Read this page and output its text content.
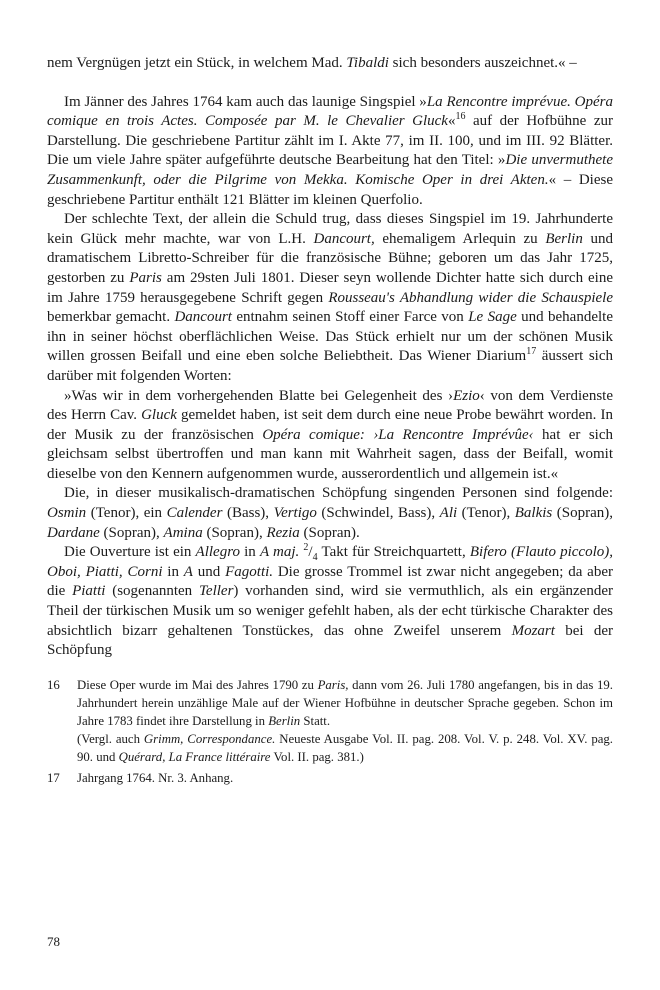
nem Vergnügen jetzt ein Stück, in welchem Mad. Tibaldi sich besonders auszeichnet.« –

Im Jänner des Jahres 1764 kam auch das launige Singspiel »La Rencontre imprévue. Opéra comique en trois Actes. Composée par M. le Chevalier Gluck«$^{16}$ auf der Hofbühne zur Darstellung. Die geschriebene Partitur zählt im I. Akte 77, im II. 100, und im III. 92 Blätter. Die um viele Jahre später aufgeführte deutsche Bearbeitung hat den Titel: »Die unvermuthete Zusammenkunft, oder die Pilgrime von Mekka. Komische Oper in drei Akten.« – Diese geschriebene Partitur enthält 121 Blätter im kleinen Querfolio.

Der schlechte Text, der allein die Schuld trug, dass dieses Singspiel im 19. Jahrhunderte kein Glück mehr machte, war von L.H. Dancourt, ehemaligem Arlequin zu Berlin und dramatischem Libretto-Schreiber für die französische Bühne; geboren um das Jahr 1725, gestorben zu Paris am 29sten Juli 1801. Dieser seyn wollende Dichter hatte sich durch eine im Jahre 1759 herausgegebene Schrift gegen Rousseau's Abhandlung wider die Schauspiele bemerkbar gemacht. Dancourt entnahm seinen Stoff einer Farce von Le Sage und behandelte ihn in seiner höchst oberflächlichen Weise. Das Stück erhielt nur um der schönen Musik willen grossen Beifall und eine eben solche Beliebtheit. Das Wiener Diarium$^{17}$ äussert sich darüber mit folgenden Worten:

»Was wir in dem vorhergehenden Blatte bei Gelegenheit des ›Ezio‹ von dem Verdienste des Herrn Cav. Gluck gemeldet haben, ist seit dem durch eine neue Probe bewährt worden. In der Musik zu der französischen Opéra comique: ›La Rencontre Imprévûe‹ hat er sich gleichsam selbst übertroffen und man kann mit Wahrheit sagen, dass der Beifall, womit dieselbe von den Kennern aufgenommen wurde, ausserordentlich und allgemein ist.«

Die, in dieser musikalisch-dramatischen Schöpfung singenden Personen sind folgende: Osmin (Tenor), ein Calender (Bass), Vertigo (Schwindel, Bass), Ali (Tenor), Balkis (Sopran), Dardane (Sopran), Amina (Sopran), Rezia (Sopran).

Die Ouverture ist ein Allegro in A maj. $^2/_4$ Takt für Streichquartett, Bifero (Flauto piccolo), Oboi, Piatti, Corni in A und Fagotti. Die grosse Trommel ist zwar nicht angegeben; da aber die Piatti (sogenannten Teller) vorhanden sind, wird sie vermuthlich, als ein ergänzender Theil der türkischen Musik um so weniger gefehlt haben, als der echt türkische Charakter des absichtlich bizarr gehaltenen Tonstückes, das ohne Zweifel unserem Mozart bei der Schöpfung

16	Diese Oper wurde im Mai des Jahres 1790 zu Paris, dann vom 26. Juli 1780 angefangen, bis in das 19. Jahrhundert herein unzählige Male auf der Wiener Hofbühne in deutscher Sprache gegeben. Schon im Jahre 1783 findet ihre Darstellung in Berlin Statt.
(Vergl. auch Grimm, Correspondance. Neueste Ausgabe Vol. II. pag. 208. Vol. V. p. 248. Vol. XV. pag. 90. und Quérard, La France littéraire Vol. II. pag. 381.)
17	Jahrgang 1764. Nr. 3. Anhang.
78
